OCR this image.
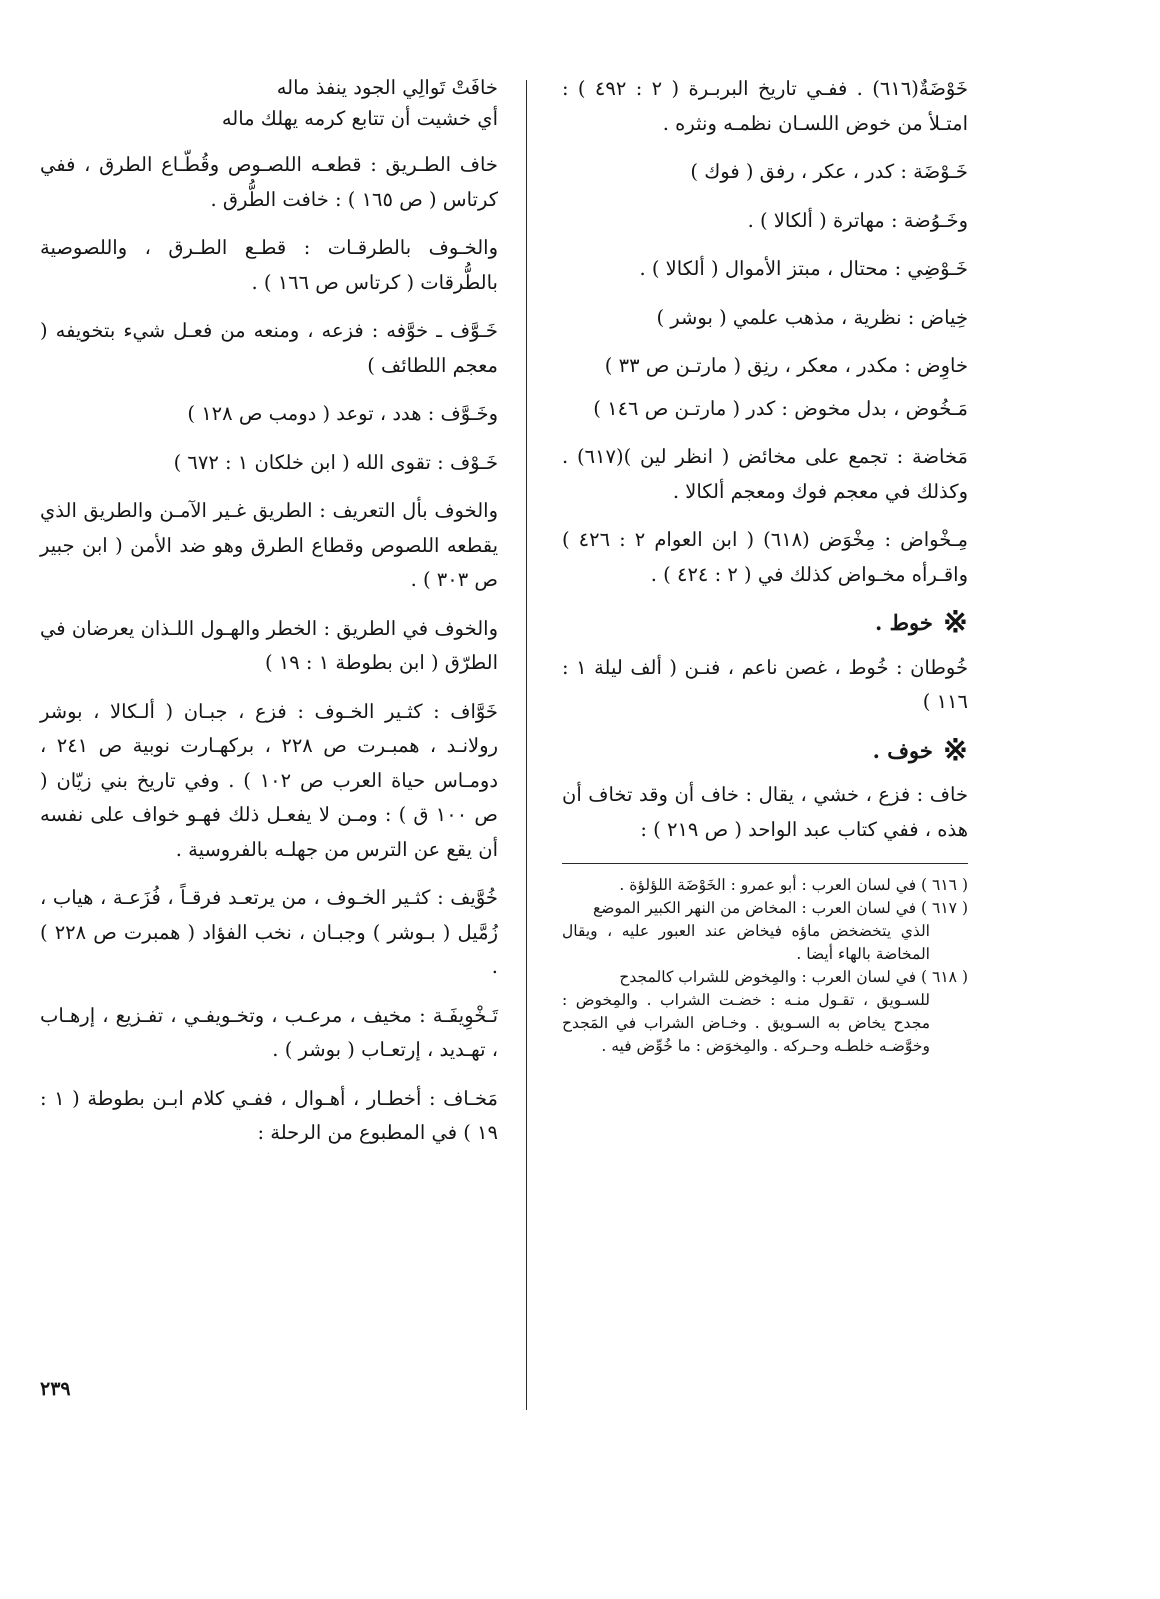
خَوْضَةٌ(٦١٦) . ففـي تاريخ البربـرة ( ٢ : ٤٩٢ ) : امتـلأ من خوض اللسـان نظمـه ونثره .
خَـوْضَة : كدر ، عكر ، رفق ( فوك )
وخَـوُضة : مهاترة ( ألكالا ) .
خَـوْضِي : محتال ، مبتز الأموال ( ألكالا ) .
خِياض : نظرية ، مذهب علمي ( بوشر )
خاوِض : مكدر ، معكر ، رنِق ( مارتـن ص ٣٣ )
مَـخُوض ، بدل مخوض : كدر ( مارتـن ص ١٤٦ )
مَخاضة : تجمع على مخائض ( انظر لين )(٦١٧) . وكذلك في معجم فوك ومعجم ألكالا .
مِـخْواض : مِخْوَض (٦١٨) ( ابن العوام ٢ : ٤٢٦ ) واقـرأه مخـواض كذلك في ( ٢ : ٤٢٤ ) .
※
خوط .
خُوطان : خُوط ، غصن ناعم ، فنـن ( ألف ليلة ١ : ١١٦ )
※
خوف .
خاف : فزع ، خشي ، يقال : خاف أن وقد تخاف أن هذه ، ففي كتاب عبد الواحد ( ص ٢١٩ ) :
( ٦١٦ ) في لسان العرب : أبو عمرو : الخَوْضَة اللؤلؤة .
( ٦١٧ ) في لسان العرب : المخاض من النهر الكبير الموضع
الذي يتخضخض ماؤه فيخاض عند العبور عليه ، ويقال المخاضة بالهاء أيضا .
( ٦١٨ ) في لسان العرب : والمِخوض للشراب كالمجدح
للسـويق ، تقـول منـه : خضـت الشراب . والمِخوض : مجدح يخاض به السـويق . وخـاض الشراب في المَجدح وخوَّضـه خلطـه وحـركه . والمِخوَض : ما خُوِّض فيه .
خافَتْ تَوالِي الجود ينفذ ماله
أي خشيت أن تتابع كرمه يهلك ماله
خاف الطـريق : قطعـه اللصـوص وقُطّـاع الطرق ، ففي كرتاس ( ص ١٦٥ ) : خافت الطُّرق .
والخـوف بالطرقـات : قطـع الطـرق ، واللصوصية بالطُّرقات ( كرتاس ص ١٦٦ ) .
خَـوَّف ـ خوَّفه : فزعه ، ومنعه من فعـل شيء بتخويفه ( معجم اللطائف )
وخَـوَّف : هدد ، توعد ( دومب ص ١٢٨ )
خَـوْف : تقوى الله ( ابن خلكان ١ : ٦٧٢ )
والخوف بأل التعريف : الطريق غـير الآمـن والطريق الذي يقطعه اللصوص وقطاع الطرق وهو ضد الأمن ( ابن جبير ص ٣٠٣ ) .
والخوف في الطريق : الخطر والهـول اللـذان يعرضان في الطرّق ( ابن بطوطة ١ : ١٩ )
خَوَّاف : كثـير الخـوف : فزع ، جبـان ( ألـكالا ، بوشر رولانـد ، همبـرت ص ٢٢٨ ، بركهـارت نوبية ص ٢٤١ ، دومـاس حياة العرب ص ١٠٢ ) . وفي تاريخ بني زيّان ( ص ١٠٠ ق ) : ومـن لا يفعـل ذلك فهـو خواف على نفسه أن يقع عن الترس من جهلـه بالفروسية .
خُوَّيف : كثـير الخـوف ، من يرتعـد فرقـاً ، فُزَعـة ، هياب ، زُمَّيل ( بـوشر ) وجبـان ، نخب الفؤاد ( همبرت ص ٢٢٨ ) .
تَـخْوِيفَـة : مخيف ، مرعـب ، وتخـويفـي ، تفـزيع ، إرهـاب ، تهـديد ، إرتعـاب ( بوشر ) .
مَخـاف : أخطـار ، أهـوال ، ففـي كلام ابـن بطوطة ( ١ : ١٩ ) في المطبوع من الرحلة :
٢٣٩
